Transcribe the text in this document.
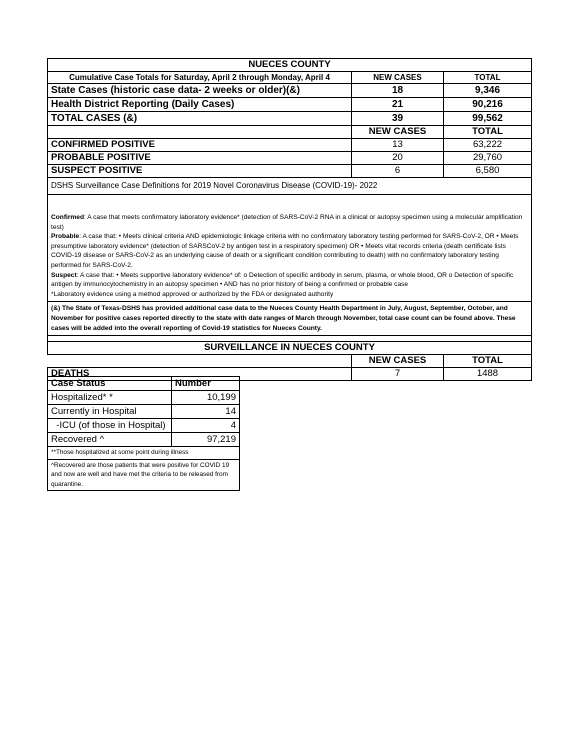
NUECES COUNTY		
Cumulative Case Totals for Saturday, April 2 through Monday, April 4	NEW CASES	TOTAL
State Cases (historic case data- 2 weeks or older)(&)	18	9,346
Health District Reporting (Daily Cases)	21	90,216
TOTAL CASES (&)	39	99,562
	NEW CASES	TOTAL
CONFIRMED POSITIVE	13	63,222
PROBABLE POSITIVE	20	29,760
SUSPECT POSITIVE	6	6,580
DSHS Surveillance Case Definitions for 2019 Novel Coronavirus Disease (COVID-19)- 2022		

Confirmed: A case that meets confirmatory laboratory evidence* (detection of SARS-CoV-2 RNA in a clinical or autopsy specimen using a molecular amplification test)

Probable: A case that: • Meets clinical criteria AND epidemiologic linkage criteria with no confirmatory laboratory testing performed for SARS-CoV-2, OR • Meets presumptive laboratory evidence* (detection of SARSCoV-2 by antigen test in a respiratory specimen) OR • Meets vital records criteria (death certificate lists COVID-19 disease or SARS-CoV-2 as an underlying cause of death or a significant condition contributing to death) with no confirmatory laboratory testing performed for SARS-CoV-2.

Suspect: A case that: • Meets supportive laboratory evidence* of: o Detection of specific antibody in serum, plasma, or whole blood, OR o Detection of specific antigen by immunocytochemistry in an autopsy specimen • AND has no prior history of being a confirmed or probable case

*Laboratory evidence using a method approved or authorized by the FDA or designated authority		

(&) The State of Texas-DSHS has provided additional case data to the Nueces County Health Department in July, August, September, October, and November for positive cases reported directly to the state with date ranges of March through November, total case count can be found above. These cases will be added into the overall reporting of Covid-19 statistics for Nueces County.		

SURVEILLANCE IN NUECES COUNTY		
	NEW CASES	TOTAL
DEATHS	7	1488
Case Status	Number
Hospitalized* *	10,199
Currently in Hospital	14
-ICU (of those in Hospital)	4
Recovered ^	97,219
**Those hospitalized at some point during illness	
^Recovered are those patients that were positive for COVID 19 and now are well and have met the criteria to be released from quarantine.	
